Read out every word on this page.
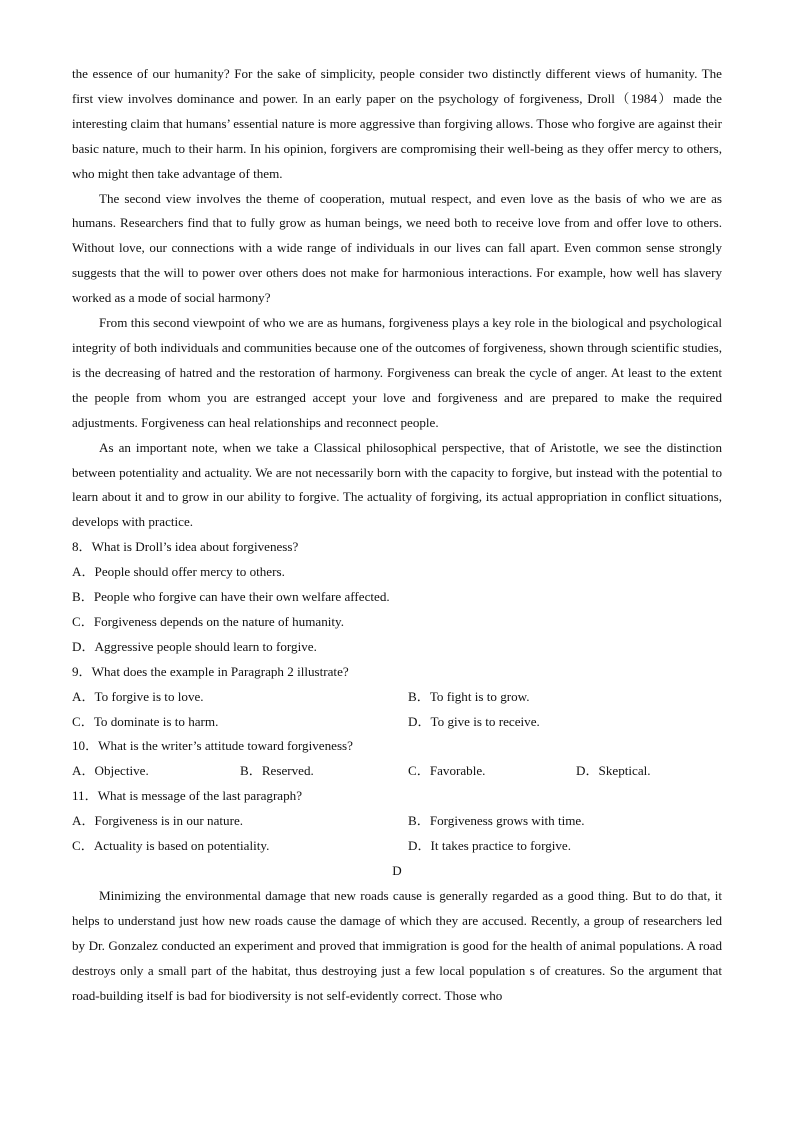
the essence of our humanity? For the sake of simplicity, people consider two distinctly different views of humanity. The first view involves dominance and power. In an early paper on the psychology of forgiveness, Droll（1984）made the interesting claim that humans’ essential nature is more aggressive than forgiving allows. Those who forgive are against their basic nature, much to their harm. In his opinion, forgivers are compromising their well-being as they offer mercy to others, who might then take advantage of them.

The second view involves the theme of cooperation, mutual respect, and even love as the basis of who we are as humans. Researchers find that to fully grow as human beings, we need both to receive love from and offer love to others. Without love, our connections with a wide range of individuals in our lives can fall apart. Even common sense strongly suggests that the will to power over others does not make for harmonious interactions. For example, how well has slavery worked as a mode of social harmony?

From this second viewpoint of who we are as humans, forgiveness plays a key role in the biological and psychological integrity of both individuals and communities because one of the outcomes of forgiveness, shown through scientific studies, is the decreasing of hatred and the restoration of harmony. Forgiveness can break the cycle of anger. At least to the extent the people from whom you are estranged accept your love and forgiveness and are prepared to make the required adjustments. Forgiveness can heal relationships and reconnect people.

As an important note, when we take a Classical philosophical perspective, that of Aristotle, we see the distinction between potentiality and actuality. We are not necessarily born with the capacity to forgive, but instead with the potential to learn about it and to grow in our ability to forgive. The actuality of forgiving, its actual appropriation in conflict situations, develops with practice.

8．What is Droll’s idea about forgiveness?

A．People should offer mercy to others.

B．People who forgive can have their own welfare affected.

C．Forgiveness depends on the nature of humanity.

D．Aggressive people should learn to forgive.

9．What does the example in Paragraph 2 illustrate?

A．To forgive is to love.	B．To fight is to grow.
C．To dominate is to harm.	D．To give is to receive.

10．What is the writer’s attitude toward forgiveness?

A．Objective.	B．Reserved.	C．Favorable.	D．Skeptical.

11．What is message of the last paragraph?

A．Forgiveness is in our nature.	B．Forgiveness grows with time.
C．Actuality is based on potentiality.	D．It takes practice to forgive.

D

Minimizing the environmental damage that new roads cause is generally regarded as a good thing. But to do that, it helps to understand just how new roads cause the damage of which they are accused. Recently, a group of researchers led by Dr. Gonzalez conducted an experiment and proved that immigration is good for the health of animal populations. A road destroys only a small part of the habitat, thus destroying just a few local population s of creatures. So the argument that road-building itself is bad for biodiversity is not self-evidently correct. Those who
